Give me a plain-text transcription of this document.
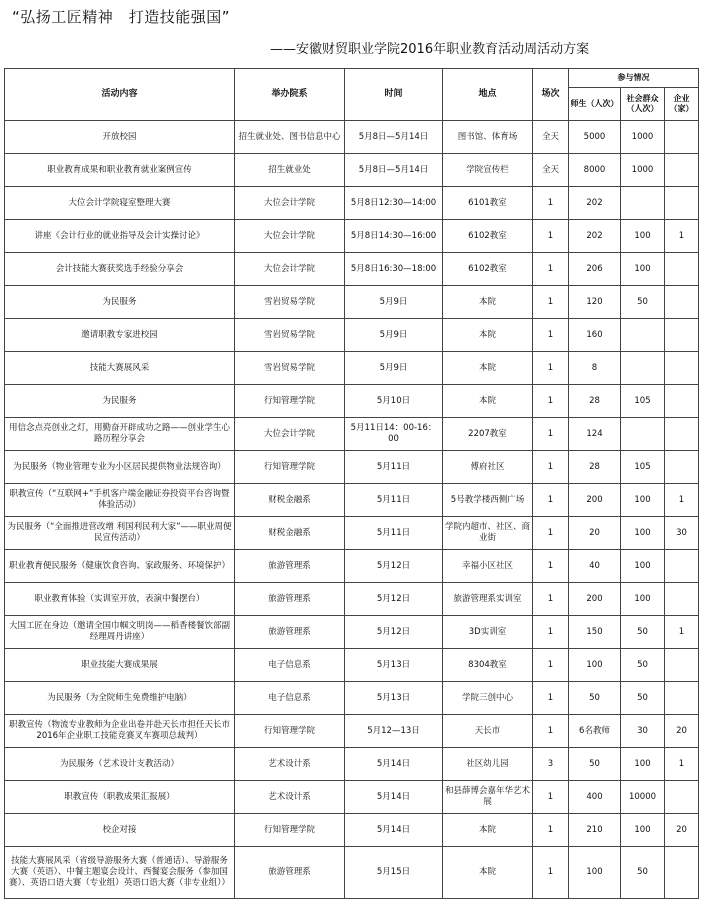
“弘扬工匠精神　打造技能强国”
——安徽财贸职业学院2016年职业教育活动周活动方案
活动内容	举办院系	时间	地点	场次	参与情况		
					师生（人次）	社会群众（人次）	企业（家）
开放校园	招生就业处、图书信息中心	5月8日—5月14日	图书馆、体育场	全天	5000	1000	
职业教育成果和职业教育就业案例宣传	招生就业处	5月8日—5月14日	学院宣传栏	全天	8000	1000	
大位会计学院寝室整理大赛	大位会计学院	5月8日12:30—14:00	6101教室	1	202		
讲座《会计行业的就业指导及会计实操讨论》	大位会计学院	5月8日14:30—16:00	6102教室	1	202	100	1
会计技能大赛获奖选手经验分享会	大位会计学院	5月8日16:30—18:00	6102教室	1	206	100	
为民服务	雪岩贸易学院	5月9日	本院	1	120	50	
邀请职教专家进校园	雪岩贸易学院	5月9日	本院	1	160		
技能大赛展风采	雪岩贸易学院	5月9日	本院	1	8		
为民服务	行知管理学院	5月10日	本院	1	28	105	
用信念点亮创业之灯，用勤奋开辟成功之路——创业学生心路历程分享会	大位会计学院	5月11日14：00-16：00	2207教室	1	124		
为民服务（物业管理专业为小区居民提供物业法规咨询）	行知管理学院	5月11日	傅府社区	1	28	105	
职教宣传（“互联网+”手机客户端金融证券投资平台咨询暨体验活动）	财税金融系	5月11日	5号教学楼西侧广场	1	200	100	1
为民服务（“全面推进营改增 利国利民利大家”——职业周便民宣传活动）	财税金融系	5月11日	学院内超市、社区、商业街	1	20	100	30
职业教育便民服务（健康饮食咨询、家政服务、环境保护）	旅游管理系	5月12日	幸福小区社区	1	40	100	
职业教育体验（实训室开放，表演中餐摆台）	旅游管理系	5月12日	旅游管理系实训室	1	200	100	
大国工匠在身边（邀请全国巾帼文明岗——稻香楼餐饮部副经理周丹讲座）	旅游管理系	5月12日	3D实训室	1	150	50	1
职业技能大赛成果展	电子信息系	5月13日	8304教室	1	100	50	
为民服务（为全院师生免费维护电脑）	电子信息系	5月13日	学院三创中心	1	50	50	
职教宣传（物流专业教师为企业出卷并赴天长市担任天长市2016年企业职工技能竞赛叉车赛项总裁判）	行知管理学院	5月12—13日	天长市	1	6名教师	30	20
为民服务（艺术设计支教活动）	艺术设计系	5月14日	社区幼儿园	3	50	100	1
职教宣传（职教成果汇报展）	艺术设计系	5月14日	和县薛博会嘉年华艺术展	1	400	10000	
校企对接	行知管理学院	5月14日	本院	1	210	100	20
技能大赛展风采（省级导游服务大赛（普通话）、导游服务大赛（英语）、中餐主题宴会设计、西餐宴会服务（参加国赛）、英语口语大赛（专业组）英语口语大赛（非专业组））	旅游管理系	5月15日	本院	1	100	50	
